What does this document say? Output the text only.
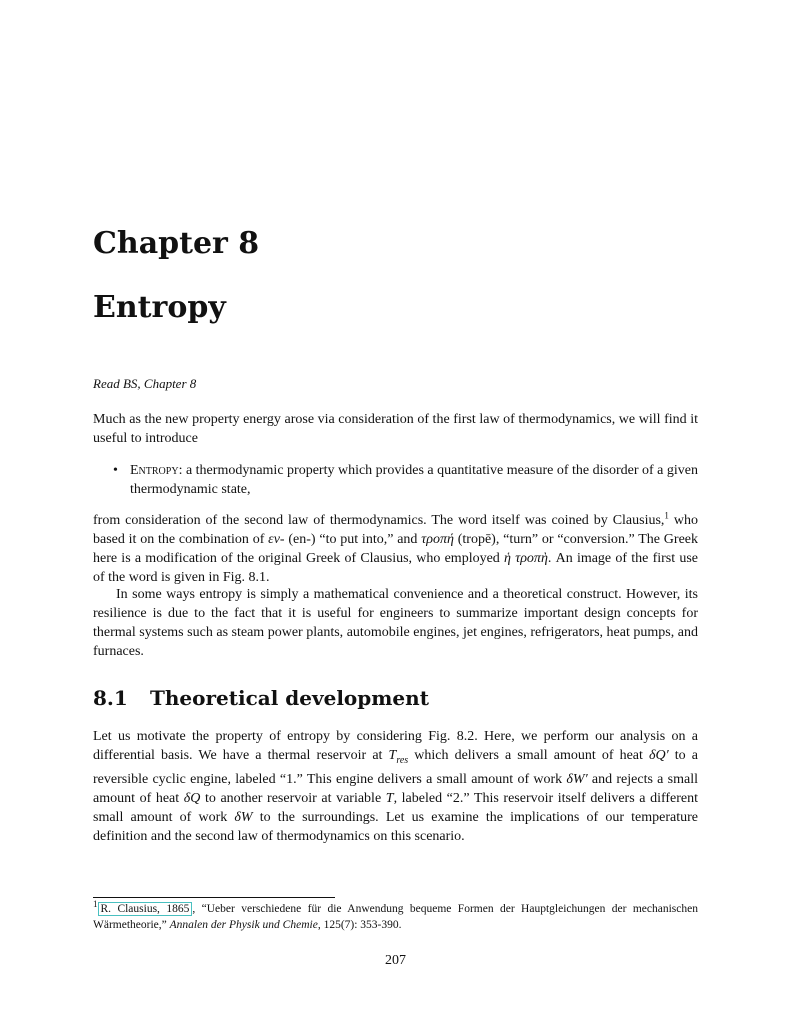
Chapter 8
Entropy
Read BS, Chapter 8
Much as the new property energy arose via consideration of the first law of thermodynamics, we will find it useful to introduce
• Entropy: a thermodynamic property which provides a quantitative measure of the disorder of a given thermodynamic state,
from consideration of the second law of thermodynamics. The word itself was coined by Clausius,$^1$ who based it on the combination of εν- (en-) “to put into,” and τροπή (tropē), “turn” or “conversion.” The Greek here is a modification of the original Greek of Clausius, who employed ἡ τροπὴ. An image of the first use of the word is given in Fig. 8.1.
In some ways entropy is simply a mathematical convenience and a theoretical construct. However, its resilience is due to the fact that it is useful for engineers to summarize important design concepts for thermal systems such as steam power plants, automobile engines, jet engines, refrigerators, heat pumps, and furnaces.
8.1 Theoretical development
Let us motivate the property of entropy by considering Fig. 8.2. Here, we perform our analysis on a differential basis. We have a thermal reservoir at $T_{res}$ which delivers a small amount of heat δQ′ to a reversible cyclic engine, labeled “1.” This engine delivers a small amount of work δW′ and rejects a small amount of heat δQ to another reservoir at variable T, labeled “2.” This reservoir itself delivers a different small amount of work δW to the surroundings. Let us examine the implications of our temperature definition and the second law of thermodynamics on this scenario.
$^1$ R. Clausius, 1865 , “Ueber verschiedene für die Anwendung bequeme Formen der Hauptgleichungen der mechanischen Wärmetheorie,” Annalen der Physik und Chemie, 125(7): 353-390.
207
